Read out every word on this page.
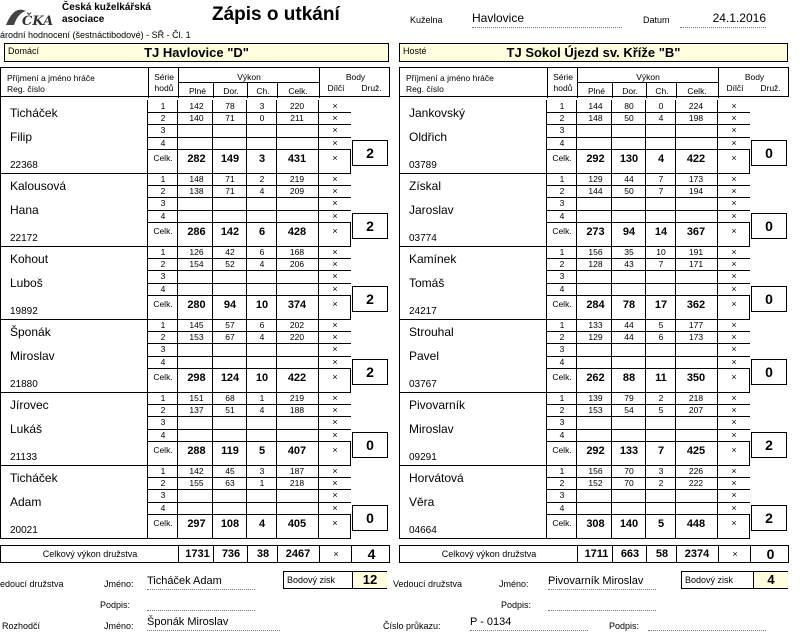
ČKA
Česká kuželkářská
asociace	Zápis o utkání	Kuželna Havlovice	Datum	24.1.2016
árodní hodnocení (šestnáctibodové) - SŘ - Čl. 1
Domácí	TJ Havlovice "D"	Hosté	TJ Sokol Újezd sv. Kříže "B"
Příjmení a jméno hráče
Reg. číslo
Série
hodů
Výkon
Plné	Dor.	Ch.	Celk.
Body
Dílčí	Druž.
Ticháček
Filip
22368
1	142	78	3	220	×
2	140	71	0	211	×
3	×
4	×
Celk.	282	149	3	431	×	2
Kalousová
Hana
22172
1	148	71	2	219	×
2	138	71	4	209	×
3	×
4	×
Celk.	286	142	6	428	×	2
Kohout
Luboš
19892
1	126	42	6	168	×
2	154	52	4	206	×
3	×
4	×
Celk.	280	94	10	374	×	2
Šponák
Miroslav
21880
1	145	57	6	202	×
2	153	67	4	220	×
3	×
4	×
Celk.	298	124	10	422	×	2
Jírovec
Lukáš
21133
1	151	68	1	219	×
2	137	51	4	188	×
3	×
4	×
Celk.	288	119	5	407	×	0
Ticháček
Adam
20021
1	142	45	3	187	×
2	155	63	1	218	×
3	×
4	×
Celk.	297	108	4	405	×	0
Celkový výkon družstva	1731	736	38	2467	×	4
Příjmení a jméno hráče
Reg. číslo
Série
hodů
Výkon
Plné	Dor.	Ch.	Celk.
Body
Dílčí	Druž.
Jankovský
Oldřich
03789
1	144	80	0	224	×
2	148	50	4	198	×
3	×
4	×
Celk.	292	130	4	422	×	0
Získal
Jaroslav
03774
1	129	44	7	173	×
2	144	50	7	194	×
3	×
4	×
Celk.	273	94	14	367	×	0
Kamínek
Tomáš
24217
1	156	35	10	191	×
2	128	43	7	171	×
3	×
4	×
Celk.	284	78	17	362	×	0
Strouhal
Pavel
03767
1	133	44	5	177	×
2	129	44	6	173	×
3	×
4	×
Celk.	262	88	11	350	×	0
Pivovarník
Miroslav
09291
1	139	79	2	218	×
2	153	54	5	207	×
3	×
4	×
Celk.	292	133	7	425	×	2
Horvátová
Věra
04664
1	156	70	3	226	×
2	152	70	2	222	×
3	×
4	×
Celk.	308	140	5	448	×	2
Celkový výkon družstva	1711	663	58	2374	×	0
Bodový zisk	12	Bodový zisk	4
edoucí družstva	Jméno: Ticháček Adam
Podpis:
Vedoucí družstva	Jméno: Pivovarník Miroslav
Podpis:
Rozhodčí	Jméno: Šponák Miroslav	Číslo průkazu:	P - 0134	Podpis:
